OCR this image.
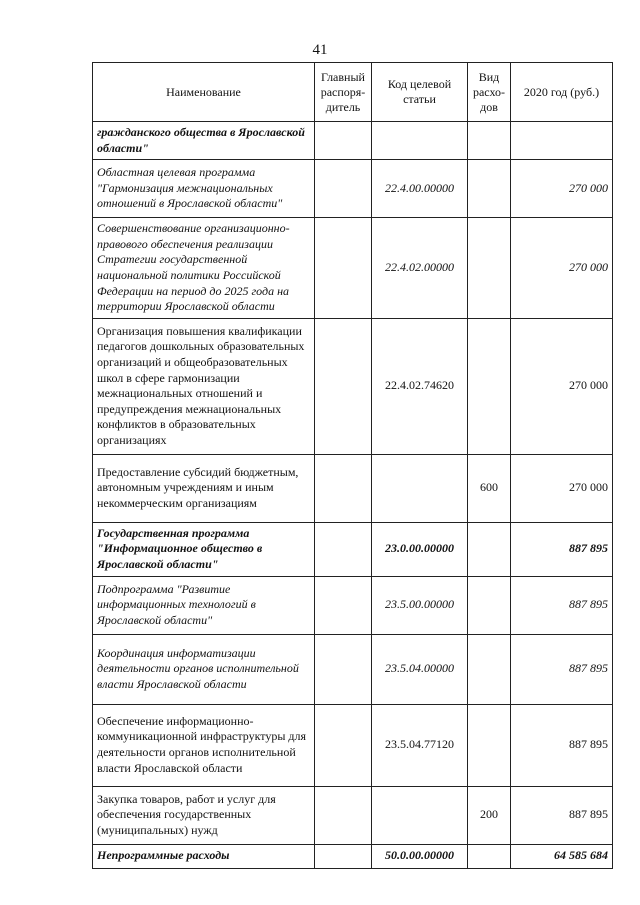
41
Наименование	Главный распоря-дитель	Код целевой статьи	Вид расхо-дов	2020 год (руб.)
гражданского общества в Ярославской области"				
Областная целевая программа "Гармонизация межнациональных отношений в Ярославской области"		22.4.00.00000		270 000
Совершенствование организационно-правового обеспечения реализации Стратегии государственной национальной политики Российской Федерации на период до 2025 года на территории Ярославской области		22.4.02.00000		270 000
Организация повышения квалификации педагогов дошкольных образовательных организаций и общеобразовательных школ в сфере гармонизации межнациональных отношений и предупреждения межнациональных конфликтов в образовательных организациях		22.4.02.74620		270 000
Предоставление субсидий бюджетным, автономным учреждениям и иным некоммерческим организациям			600	270 000
Государственная программа "Информационное общество в Ярославской области"		23.0.00.00000		887 895
Подпрограмма "Развитие информационных технологий в Ярославской области"		23.5.00.00000		887 895
Координация информатизации деятельности органов исполнительной власти Ярославской области		23.5.04.00000		887 895
Обеспечение информационно-коммуникационной инфраструктуры для деятельности органов исполнительной власти Ярославской области		23.5.04.77120		887 895
Закупка товаров, работ и услуг для обеспечения государственных (муниципальных) нужд			200	887 895
Непрограммные расходы		50.0.00.00000		64 585 684
